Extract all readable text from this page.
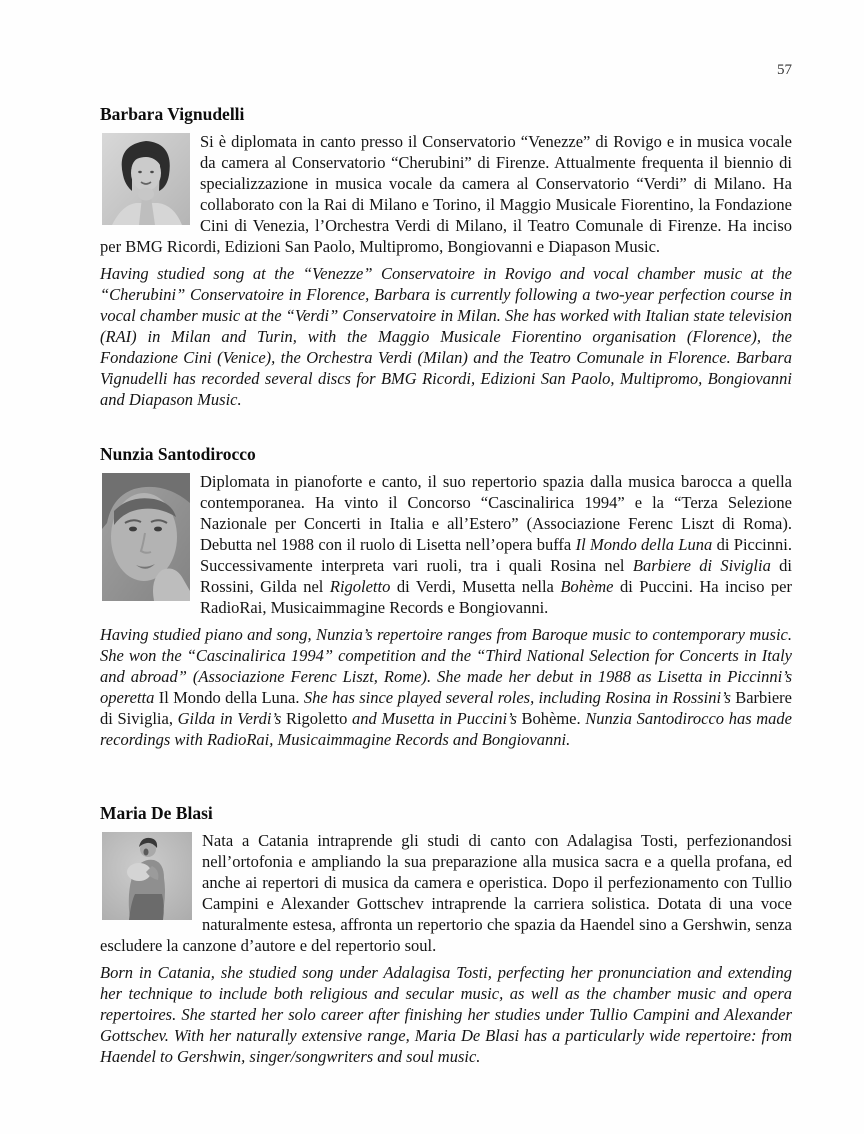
57
Barbara Vignudelli
Si è diplomata in canto presso il Conservatorio “Venezze” di Rovigo e in musica vocale da camera al Conservatorio “Cherubini” di Firenze. Attualmente frequenta il biennio di specializzazione in musica vocale da camera al Conservatorio “Verdi” di Milano. Ha collaborato con la Rai di Milano e Torino, il Maggio Musicale Fiorentino, la Fondazione Cini di Venezia, l’Orchestra Verdi di Milano, il Teatro Comunale di Firenze. Ha inciso per BMG Ricordi, Edizioni San Paolo, Multipromo, Bongiovanni e Diapason Music.
Having studied song at the “Venezze” Conservatoire in Rovigo and vocal chamber music at the “Cherubini” Conservatoire in Florence, Barbara is currently following a two-year perfection course in vocal chamber music at the “Verdi” Conservatoire in Milan. She has worked with Italian state television (RAI) in Milan and Turin, with the Maggio Musicale Fiorentino organisation (Florence), the Fondazione Cini (Venice), the Orchestra Verdi (Milan) and the Teatro Comunale in Florence. Barbara Vignudelli has recorded several discs for BMG Ricordi, Edizioni San Paolo, Multipromo, Bongiovanni and Diapason Music.
Nunzia Santodirocco
Diplomata in pianoforte e canto, il suo repertorio spazia dalla musica barocca a quella contemporanea. Ha vinto il Concorso “Cascinalirica 1994” e la “Terza Selezione Nazionale per Concerti in Italia e all’Estero” (Associazione Ferenc Liszt di Roma). Debutta nel 1988 con il ruolo di Lisetta nell’opera buffa Il Mondo della Luna di Piccinni. Successivamente interpreta vari ruoli, tra i quali Rosina nel Barbiere di Siviglia di Rossini, Gilda nel Rigoletto di Verdi, Musetta nella Bohème di Puccini. Ha inciso per RadioRai, Musicaimmagine Records e Bongiovanni.
Having studied piano and song, Nunzia’s repertoire ranges from Baroque music to contemporary music. She won the “Cascinalirica 1994” competition and the “Third National Selection for Concerts in Italy and abroad” (Associazione Ferenc Liszt, Rome). She made her debut in 1988 as Lisetta in Piccinni’s operetta Il Mondo della Luna. She has since played several roles, including Rosina in Rossini’s Barbiere di Siviglia, Gilda in Verdi’s Rigoletto and Musetta in Puccini’s Bohème. Nunzia Santodirocco has made recordings with RadioRai, Musicaimmagine Records and Bongiovanni.
Maria De Blasi
Nata a Catania intraprende gli studi di canto con Adalagisa Tosti, perfezionandosi nell’ortofonia e ampliando la sua preparazione alla musica sacra e a quella profana, ed anche ai repertori di musica da camera e operistica. Dopo il perfezionamento con Tullio Campini e Alexander Gottschev intraprende la carriera solistica. Dotata di una voce naturalmente estesa, affronta un repertorio che spazia da Haendel sino a Gershwin, senza escludere la canzone d’autore e del repertorio soul.
Born in Catania, she studied song under Adalagisa Tosti, perfecting her pronunciation and extending her technique to include both religious and secular music, as well as the chamber music and opera repertoires. She started her solo career after finishing her studies under Tullio Campini and Alexander Gottschev. With her naturally extensive range, Maria De Blasi has a particularly wide repertoire: from Haendel to Gershwin, singer/songwriters and soul music.
